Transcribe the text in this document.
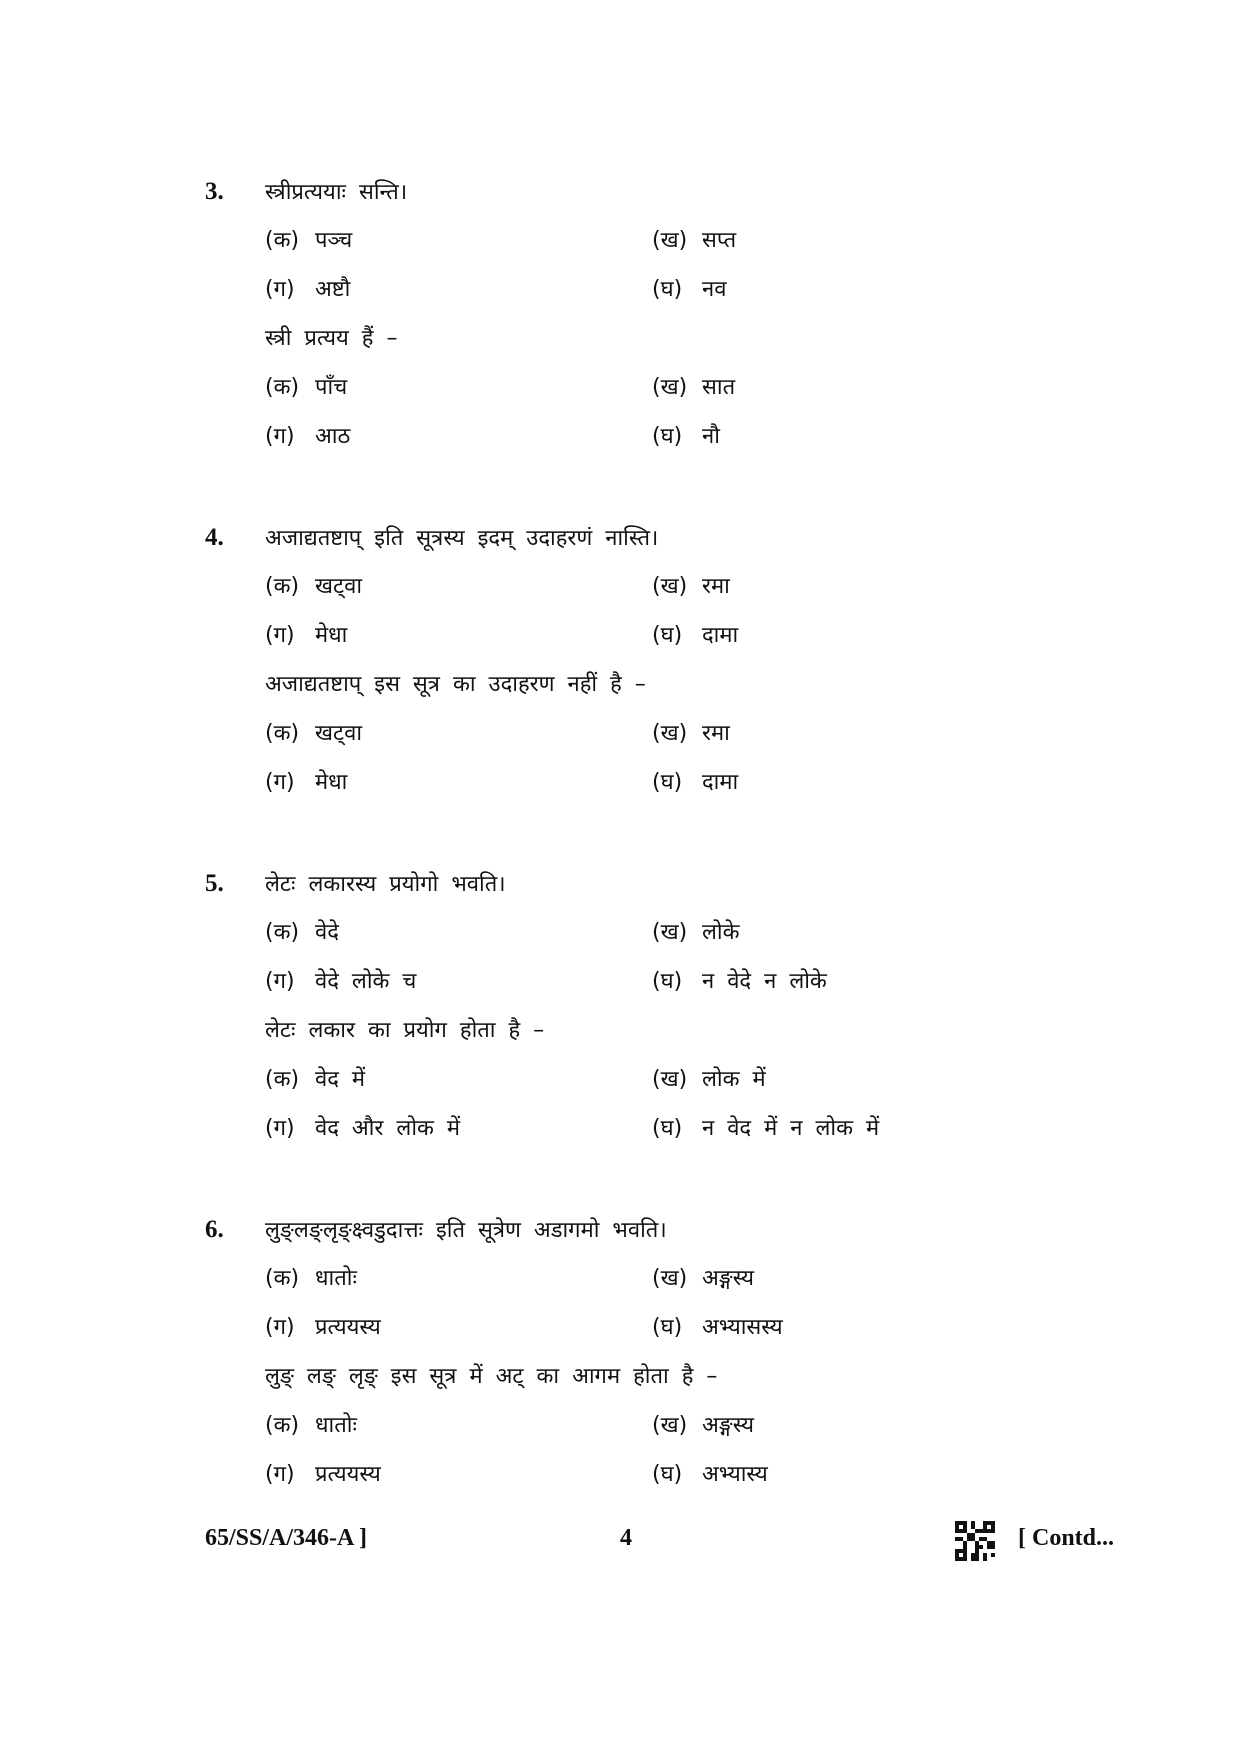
3. स्त्रीप्रत्ययाः सन्ति।
(क) पञ्च	(ख) सप्त
(ग) अष्टौ	(घ) नव
स्त्री प्रत्यय हैं –
(क) पाँच	(ख) सात
(ग) आठ	(घ) नौ
4. अजाद्यतष्टाप् इति सूत्रस्य इदम् उदाहरणं नास्ति।
(क) खट्वा	(ख) रमा
(ग) मेधा	(घ) दामा
अजाद्यतष्टाप् इस सूत्र का उदाहरण नहीं है –
(क) खट्वा	(ख) रमा
(ग) मेधा	(घ) दामा
5. लेटः लकारस्य प्रयोगो भवति।
(क) वेदे	(ख) लोके
(ग) वेदे लोके च	(घ) न वेदे न लोके
लेटः लकार का प्रयोग होता है –
(क) वेद में	(ख) लोक में
(ग) वेद और लोक में	(घ) न वेद में न लोक में
6. लुङ्लङ्लृङ्क्ष्वडुदात्तः इति सूत्रेण अडागमो भवति।
(क) धातोः	(ख) अङ्गस्य
(ग) प्रत्ययस्य	(घ) अभ्यासस्य
लुङ् लङ् लृङ् इस सूत्र में अट् का आगम होता है –
(क) धातोः	(ख) अङ्गस्य
(ग) प्रत्ययस्य	(घ) अभ्यास्य
65/SS/A/346-A ]	4	[ Contd...
